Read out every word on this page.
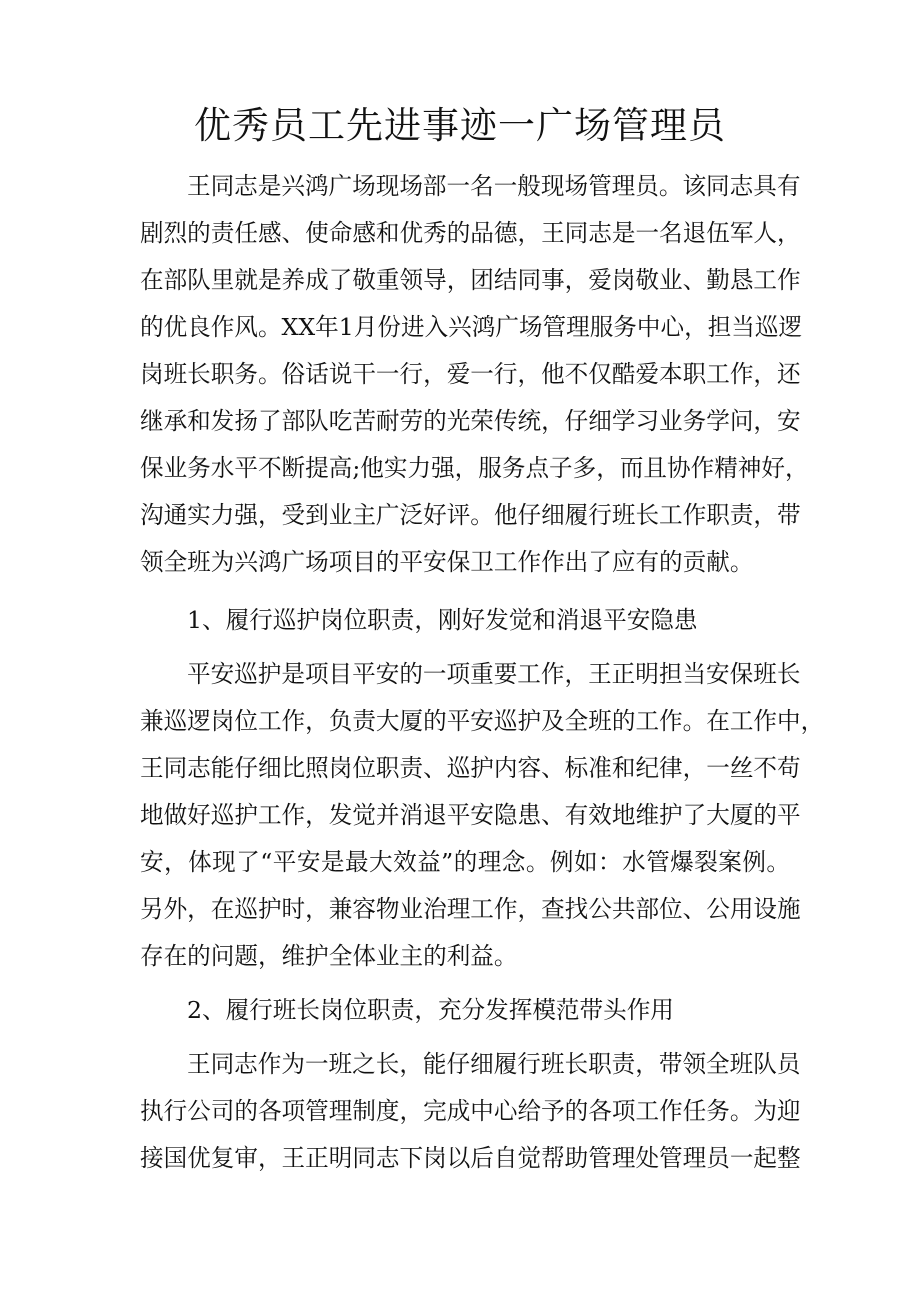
优秀员工先进事迹一广场管理员

王同志是兴鸿广场现场部一名一般现场管理员。该同志具有

剧烈的责任感、使命感和优秀的品德，王同志是一名退伍军人，

在部队里就是养成了敬重领导，团结同事，爱岗敬业、勤恳工作

的优良作风。XX年1月份进入兴鸿广场管理服务中心，担当巡逻

岗班长职务。俗话说干一行，爱一行，他不仅酷爱本职工作，还

继承和发扬了部队吃苦耐劳的光荣传统，仔细学习业务学问，安

保业务水平不断提高;他实力强，服务点子多，而且协作精神好，

沟通实力强，受到业主广泛好评。他仔细履行班长工作职责，带

领全班为兴鸿广场项目的平安保卫工作作出了应有的贡献。

1、履行巡护岗位职责，刚好发觉和消退平安隐患

平安巡护是项目平安的一项重要工作，王正明担当安保班长

兼巡逻岗位工作，负责大厦的平安巡护及全班的工作。在工作中，

王同志能仔细比照岗位职责、巡护内容、标准和纪律，一丝不苟

地做好巡护工作，发觉并消退平安隐患、有效地维护了大厦的平

安，体现了“平安是最大效益”的理念。例如：水管爆裂案例。

另外，在巡护时，兼容物业治理工作，查找公共部位、公用设施

存在的问题，维护全体业主的利益。

2、履行班长岗位职责，充分发挥模范带头作用

王同志作为一班之长，能仔细履行班长职责，带领全班队员

执行公司的各项管理制度，完成中心给予的各项工作任务。为迎

接国优复审，王正明同志下岗以后自觉帮助管理处管理员一起整
